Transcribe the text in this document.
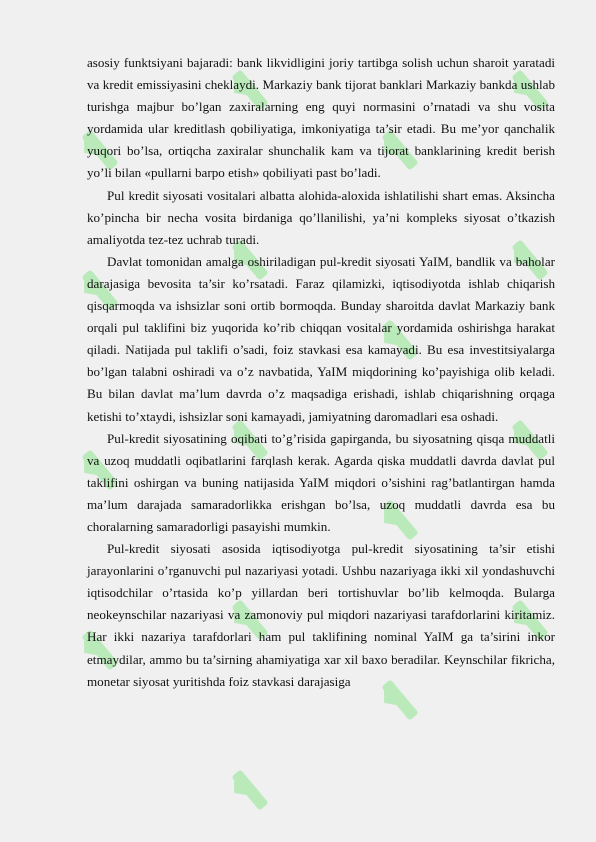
asosiy funktsiyani bajaradi: bank likvidligini joriy tartibga solish uchun sharoit yaratadi va kredit emissiyasini cheklaydi. Markaziy bank tijorat banklari Markaziy bankda ushlab turishga majbur bo’lgan zaxiralarning eng quyi normasini o’rnatadi va shu vosita yordamida ular kreditlash qobiliyatiga, imkoniyatiga ta’sir etadi. Bu me’yor qanchalik yuqori bo’lsa, ortiqcha zaxiralar shunchalik kam va tijorat banklarining kredit berish yo’li bilan «pullarni barpo etish» qobiliyati past bo’ladi.

Pul kredit siyosati vositalari albatta alohida-aloxida ishlatilishi shart emas. Aksincha ko’pincha bir necha vosita birdaniga qo’llanilishi, ya’ni kompleks siyosat o’tkazish amaliyotda tez-tez uchrab turadi.

Davlat tomonidan amalga oshiriladigan pul-kredit siyosati YaIM, bandlik va baholar darajasiga bevosita ta’sir ko’rsatadi. Faraz qilamizki, iqtisodiyotda ishlab chiqarish qisqarmoqda va ishsizlar soni ortib bormoqda. Bunday sharoitda davlat Markaziy bank orqali pul taklifini biz yuqorida ko’rib chiqqan vositalar yordamida oshirishga harakat qiladi. Natijada pul taklifi o’sadi, foiz stavkasi esa kamayadi. Bu esa investitsiyalarga bo’lgan talabni oshiradi va o’z navbatida, YaIM miqdorining ko’payishiga olib keladi. Bu bilan davlat ma’lum davrda o’z maqsadiga erishadi, ishlab chiqarishning orqaga ketishi to’xtaydi, ishsizlar soni kamayadi, jamiyatning daromadlari esa oshadi.

Pul-kredit siyosatining oqibati to’g’risida gapirganda, bu siyosatning qisqa muddatli va uzoq muddatli oqibatlarini farqlash kerak. Agarda qiska muddatli davrda davlat pul taklifini oshirgan va buning natijasida YaIM miqdori o’sishini rag’batlantirgan hamda ma’lum darajada samaradorlikka erishgan bo’lsa, uzoq muddatli davrda esa bu choralarning samaradorligi pasayishi mumkin.

Pul-kredit siyosati asosida iqtisodiyotga pul-kredit siyosatining ta’sir etishi jarayonlarini o’rganuvchi pul nazariyasi yotadi. Ushbu nazariyaga ikki xil yondashuvchi iqtisodchilar o’rtasida ko’p yillardan beri tortishuvlar bo’lib kelmoqda. Bularga neokeynschilar nazariyasi va zamonoviy pul miqdori nazariyasi tarafdorlarini kiritamiz. Har ikki nazariya tarafdorlari ham pul taklifining nominal YaIM ga ta’sirini inkor etmaydilar, ammo bu ta’sirning ahamiyatiga xar xil baxo beradilar. Keynschilar fikricha, monetar siyosat yuritishda foiz stavkasi darajasiga
